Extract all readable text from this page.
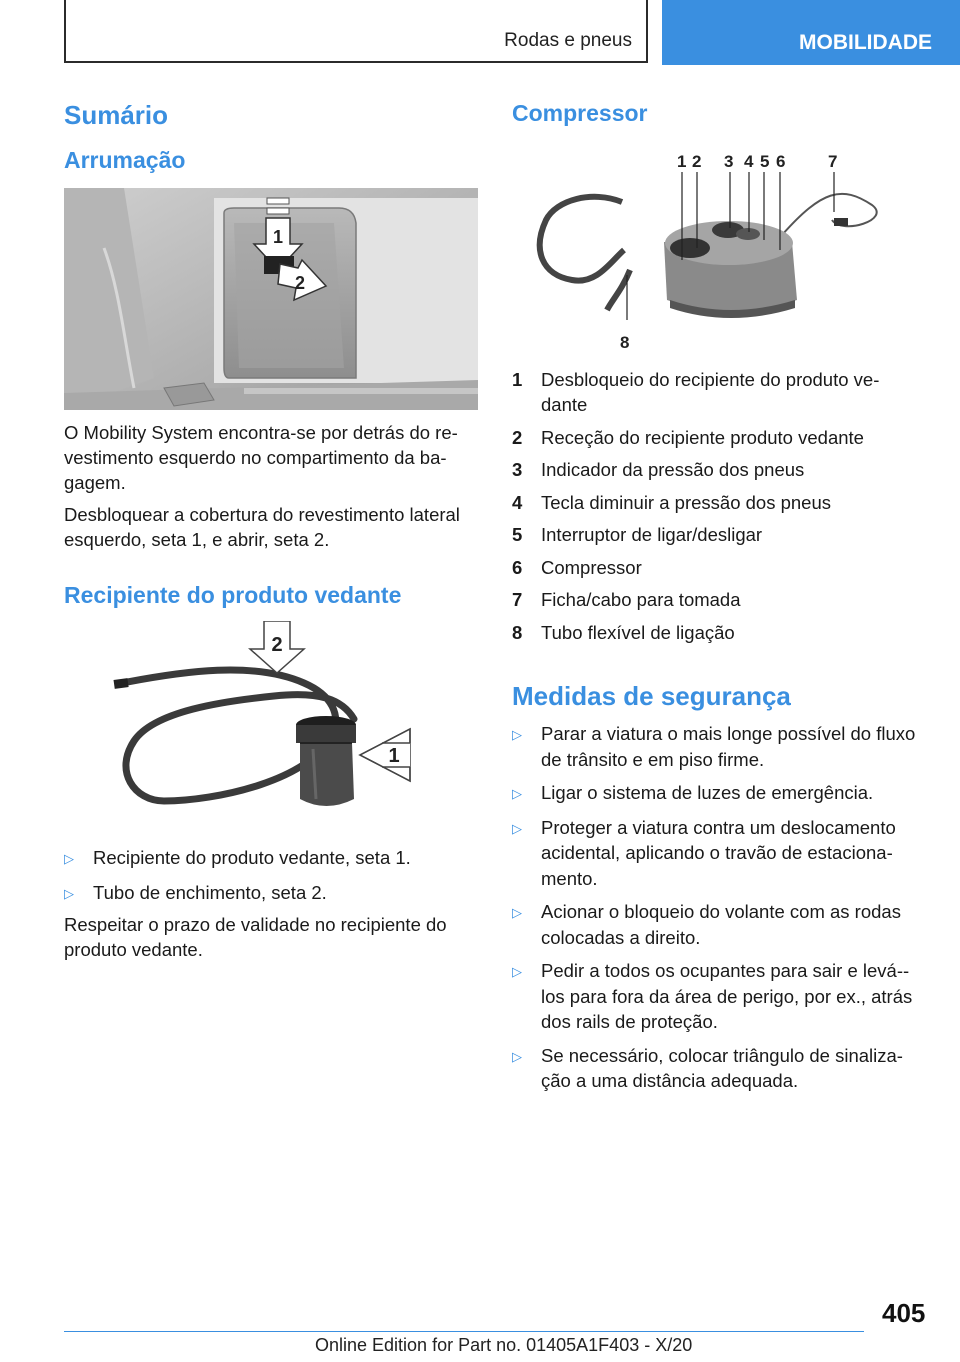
Rodas e pneus	MOBILIDADE
Sumário
Arrumação
1
2

O Mobility System encontra-se por detrás do re-vestimento esquerdo no compartimento da ba-gagem.

Desbloquear a cobertura do revestimento lateral esquerdo, seta 1, e abrir, seta 2.

Recipiente do produto vedante
2
1
▷	Recipiente do produto vedante, seta 1.
▷	Tubo de enchimento, seta 2.

Respeitar o prazo de validade no recipiente do produto vedante.

Compressor
1 2 3 4 5 6	7
8
1	Desbloqueio do recipiente do produto ve-dante
2	Receção do recipiente produto vedante
3	Indicador da pressão dos pneus
4	Tecla diminuir a pressão dos pneus
5	Interruptor de ligar/desligar
6	Compressor
7	Ficha/cabo para tomada
8	Tubo flexível de ligação
Medidas de segurança
▷	Parar a viatura o mais longe possível do fluxo de trânsito e em piso firme.
▷	Ligar o sistema de luzes de emergência.
▷	Proteger a viatura contra um deslocamento acidental, aplicando o travão de estaciona-mento.
▷	Acionar o bloqueio do volante com as rodas colocadas a direito.
▷	Pedir a todos os ocupantes para sair e levá--los para fora da área de perigo, por ex., atrás dos rails de proteção.
▷	Se necessário, colocar triângulo de sinaliza-ção a uma distância adequada.
405
Online Edition for Part no. 01405A1F403 - X/20
